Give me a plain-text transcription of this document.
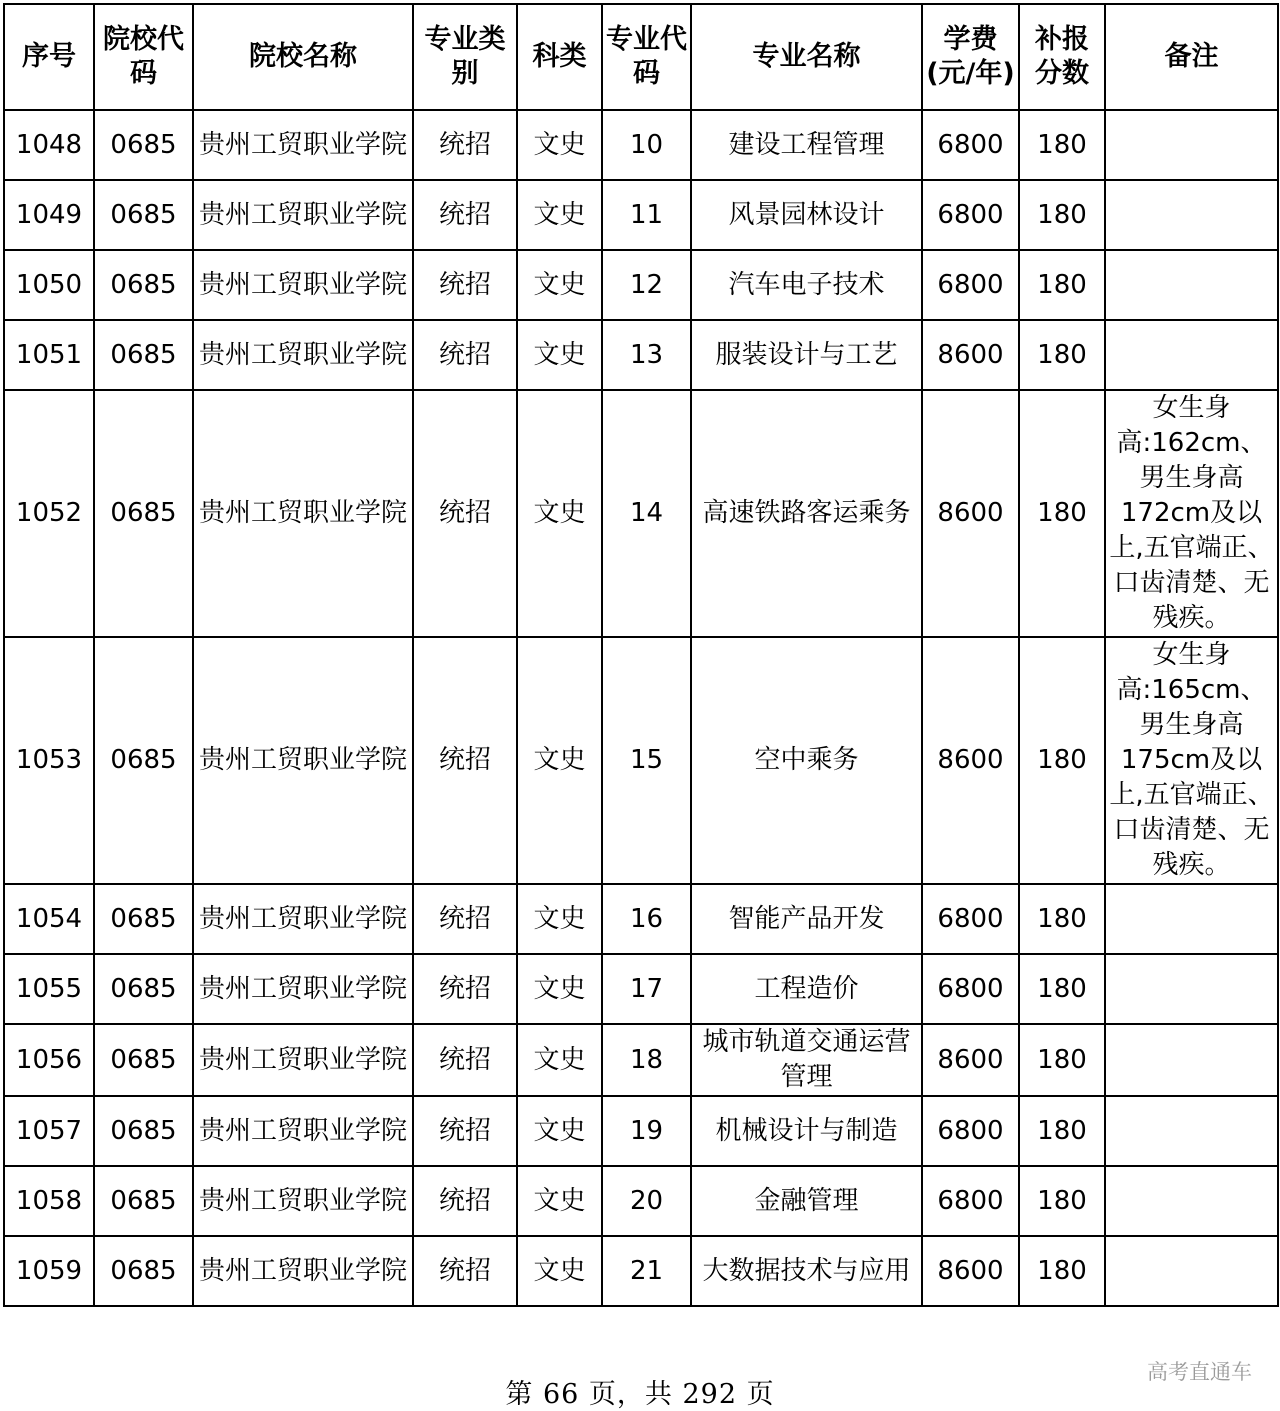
序号	院校代码	院校名称	专业类别	科类	专业代码	专业名称	学费(元/年)	补报分数	备注
1048	0685	贵州工贸职业学院	统招	文史	10	建设工程管理	6800	180	
1049	0685	贵州工贸职业学院	统招	文史	11	风景园林设计	6800	180	
1050	0685	贵州工贸职业学院	统招	文史	12	汽车电子技术	6800	180	
1051	0685	贵州工贸职业学院	统招	文史	13	服装设计与工艺	8600	180	
1052	0685	贵州工贸职业学院	统招	文史	14	高速铁路客运乘务	8600	180	女生身高:162cm、男生身高172cm及以上,五官端正、口齿清楚、无残疾。
1053	0685	贵州工贸职业学院	统招	文史	15	空中乘务	8600	180	女生身高:165cm、男生身高175cm及以上,五官端正、口齿清楚、无残疾。
1054	0685	贵州工贸职业学院	统招	文史	16	智能产品开发	6800	180	
1055	0685	贵州工贸职业学院	统招	文史	17	工程造价	6800	180	
1056	0685	贵州工贸职业学院	统招	文史	18	城市轨道交通运营管理	8600	180	
1057	0685	贵州工贸职业学院	统招	文史	19	机械设计与制造	6800	180	
1058	0685	贵州工贸职业学院	统招	文史	20	金融管理	6800	180	
1059	0685	贵州工贸职业学院	统招	文史	21	大数据技术与应用	8600	180	
第 66 页，共 292 页
高考直通车
